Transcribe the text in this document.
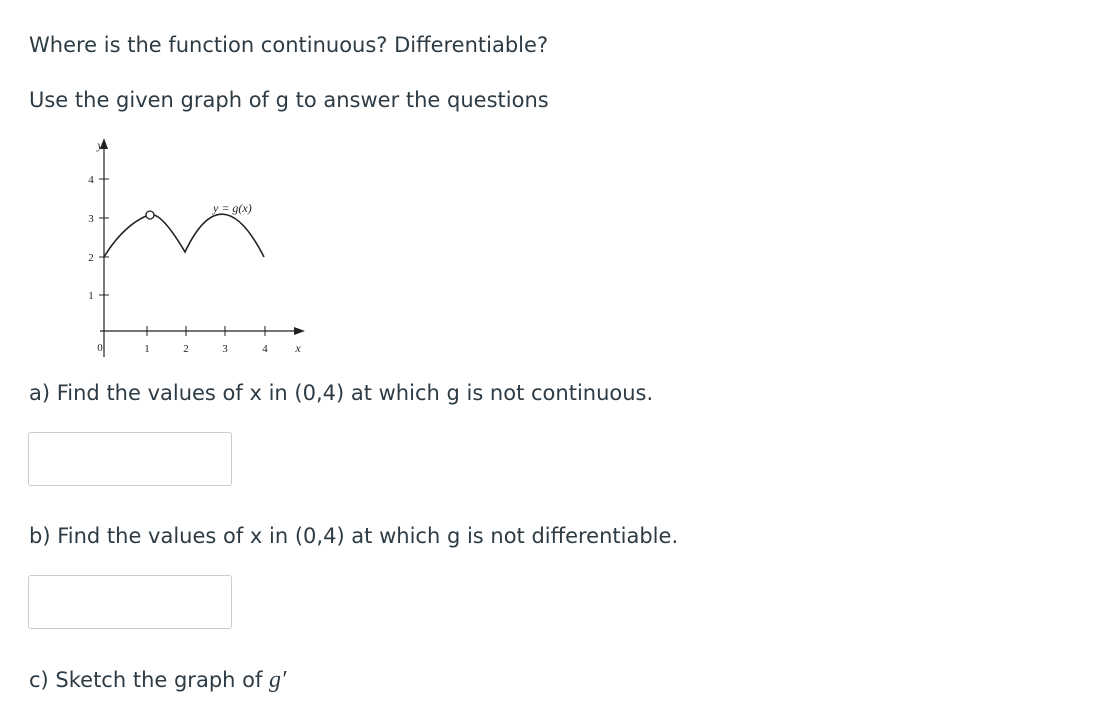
Where is the function continuous? Differentiable?
Use the given graph of g to answer the questions
4
3
2
1
0	1	2	3	4
y
x
y = g(x)
a) Find the values of x in (0,4) at which g is not continuous.
b) Find the values of x in (0,4) at which g is not differentiable.
c) Sketch the graph of g′
